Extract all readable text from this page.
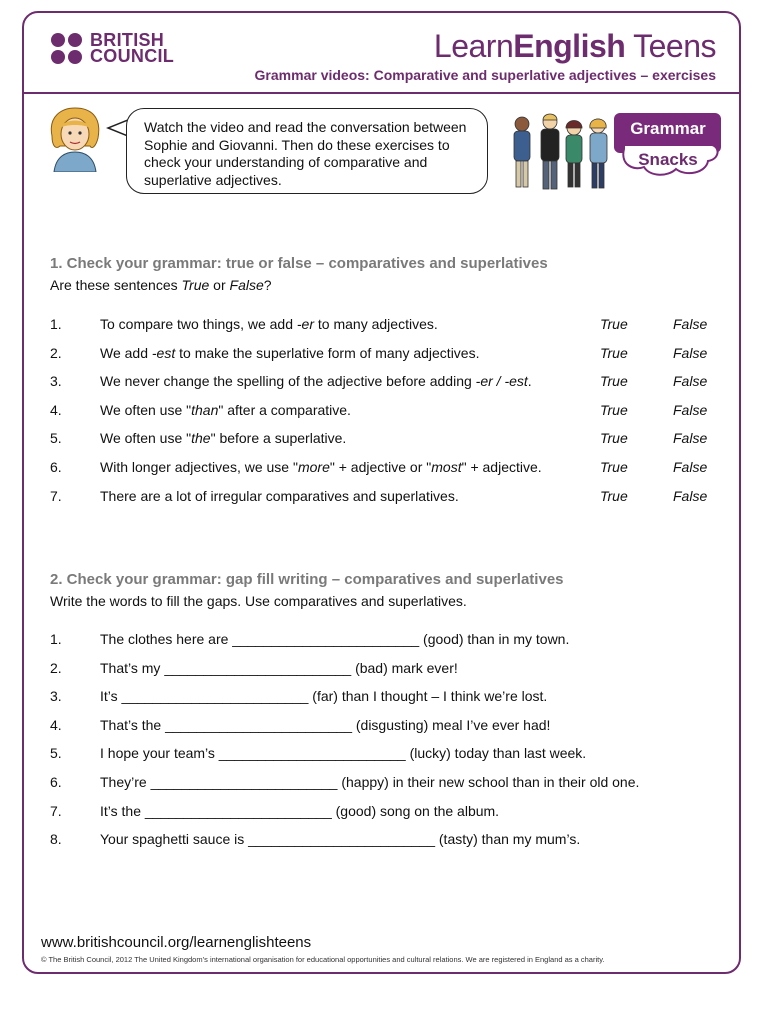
BRITISH
COUNCIL	LearnEnglish Teens
Grammar videos: Comparative and superlative adjectives – exercises
Watch the video and read the conversation between Sophie and Giovanni. Then do these exercises to check your understanding of comparative and superlative adjectives.
Grammar
Snacks
1. Check your grammar: true or false – comparatives and superlatives
Are these sentences True or False?
1.	To compare two things, we add -er to many adjectives.	True	False
2.	We add -est to make the superlative form of many adjectives.	True	False
3.	We never change the spelling of the adjective before adding -er / -est.	True	False
4.	We often use "than" after a comparative.	True	False
5.	We often use "the" before a superlative.	True	False
6.	With longer adjectives, we use "more" + adjective or "most" + adjective.	True	False
7.	There are a lot of irregular comparatives and superlatives.	True	False
2. Check your grammar: gap fill writing – comparatives and superlatives
Write the words to fill the gaps. Use comparatives and superlatives.
1.	The clothes here are ________________________ (good) than in my town.
2.	That’s my ________________________ (bad) mark ever!
3.	It’s ________________________ (far) than I thought – I think we’re lost.
4.	That’s the ________________________ (disgusting) meal I’ve ever had!
5.	I hope your team’s ________________________ (lucky) today than last week.
6.	They’re ________________________ (happy) in their new school than in their old one.
7.	It’s the ________________________ (good) song on the album.
8.	Your spaghetti sauce is ________________________ (tasty) than my mum’s.
www.britishcouncil.org/learnenglishteens
© The British Council, 2012 The United Kingdom’s international organisation for educational opportunities and cultural relations. We are registered in England as a charity.
